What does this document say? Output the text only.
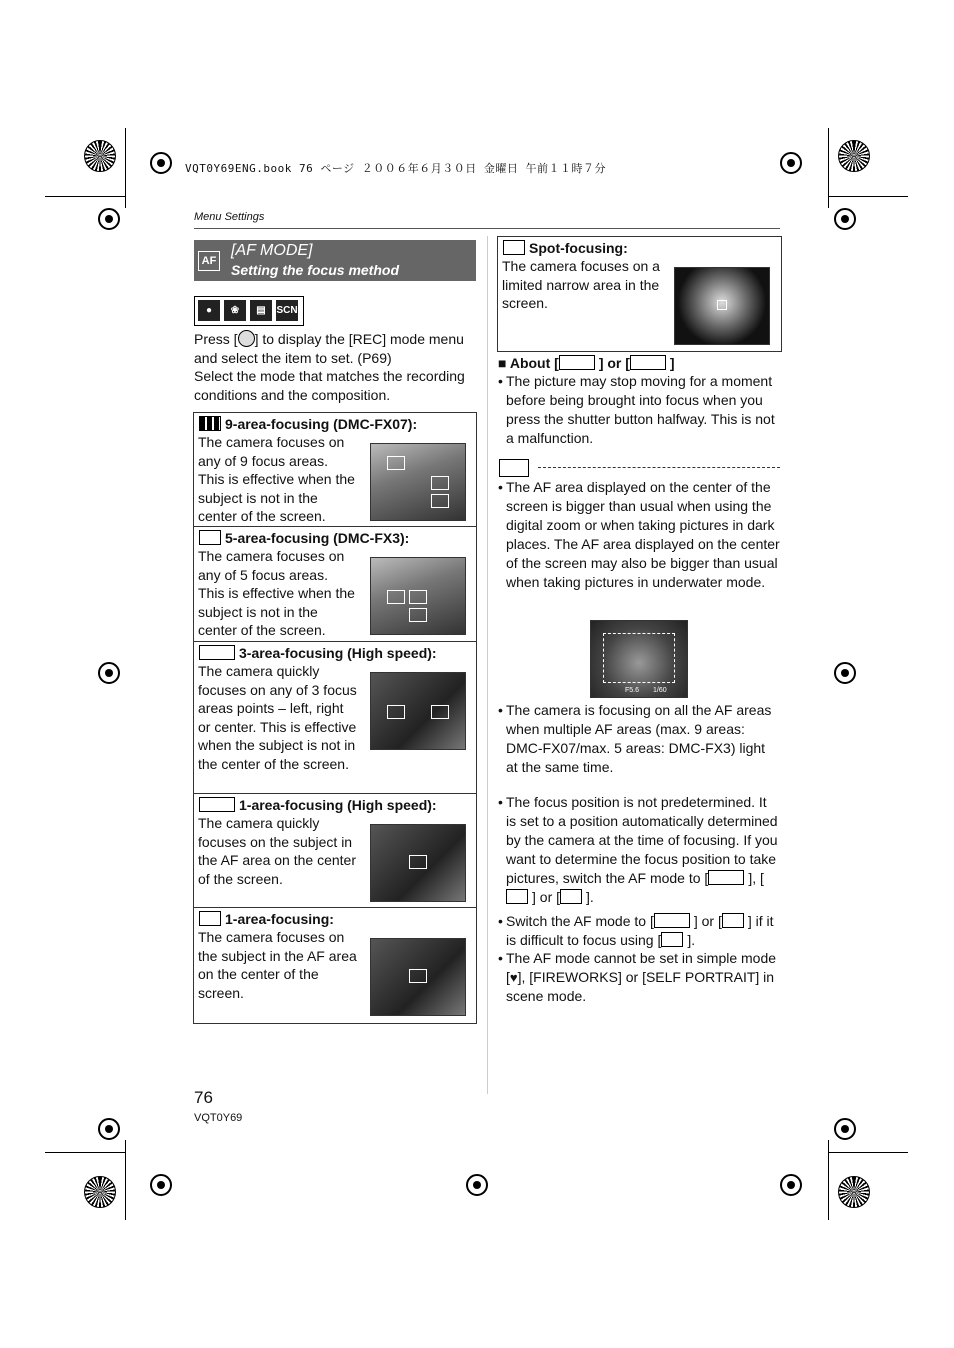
VQT0Y69ENG.book 76 ページ ２００６年６月３０日 金曜日 午前１１時７分
Menu Settings
AF
[AF MODE]
Setting the focus method
●	❀	▤	SCN
Press [ ] to display the [REC] mode menu and select the item to set. (P69)
Select the mode that matches the recording conditions and the composition.
9-area-focusing (DMC-FX07):
The camera focuses on any of 9 focus areas. This is effective when the subject is not in the center of the screen.
5-area-focusing (DMC-FX3):
The camera focuses on any of 5 focus areas. This is effective when the subject is not in the center of the screen.
3-area-focusing (High speed):
The camera quickly focuses on any of 3 focus areas points – left, right or center. This is effective when the subject is not in the center of the screen.
1-area-focusing (High speed):
The camera quickly focuses on the subject in the AF area on the center of the screen.
1-area-focusing:
The camera focuses on the subject in the AF area on the center of the screen.
Spot-focusing:
The camera focuses on a limited narrow area in the screen.
■ About [	] or [	]
• The picture may stop moving for a moment before being brought into focus when you press the shutter button halfway. This is not a malfunction.
• The AF area displayed on the center of the screen is bigger than usual when using the digital zoom or when taking pictures in dark places. The AF area displayed on the center of the screen may also be bigger than usual when taking pictures in underwater mode.
F5.6 1/60
• The camera is focusing on all the AF areas when multiple AF areas (max. 9 areas: DMC-FX07/max. 5 areas: DMC-FX3) light at the same time.
• The focus position is not predetermined. It is set to a position automatically determined by the camera at the time of focusing. If you want to determine the focus position to take pictures, switch the AF mode to [	], [] or [ ].
• Switch the AF mode to [	] or [ ] if it is difficult to focus using [ ].
• The AF mode cannot be set in simple mode [♥], [FIREWORKS] or [SELF PORTRAIT] in scene mode.
76
VQT0Y69
